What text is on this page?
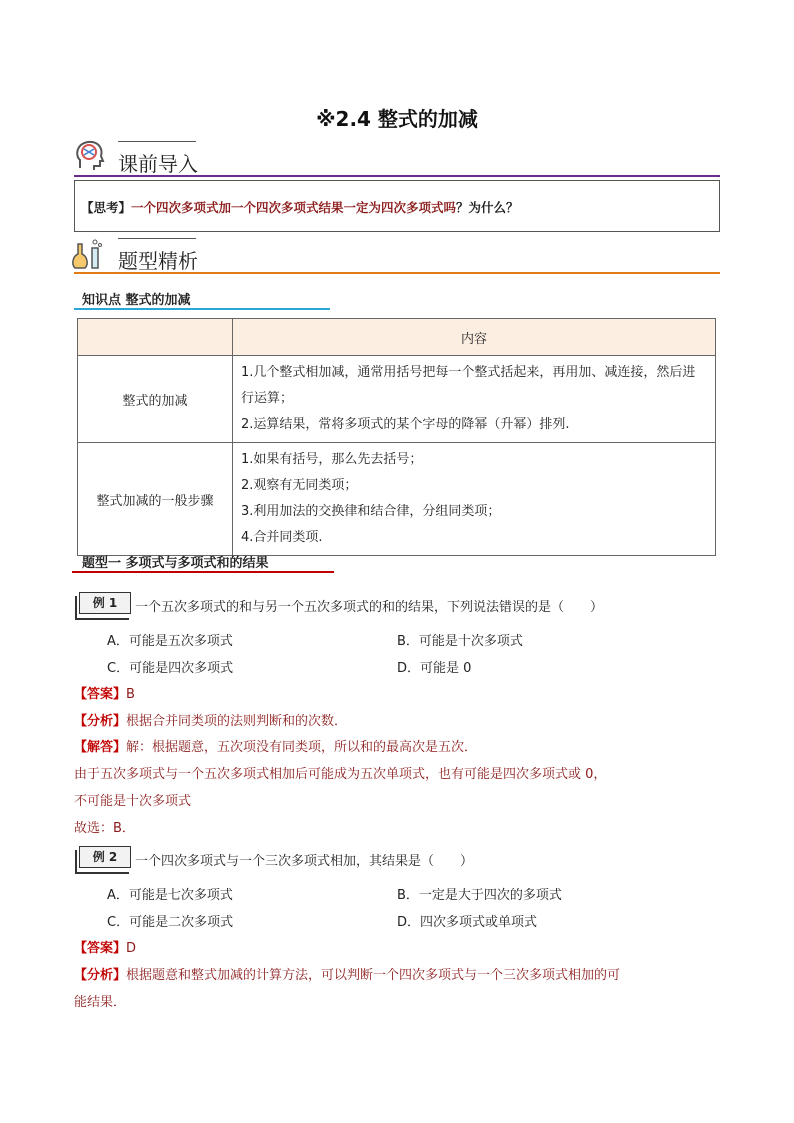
※2.4 整式的加减
课前导入
【思考】一个四次多项式加一个四次多项式结果一定为四次多项式吗？为什么？
题型精析
知识点 整式的加减
	内容
整式的加减	1.几个整式相加减，通常用括号把每一个整式括起来，再用加、减连接，然后进行运算；
2.运算结果，常将多项式的某个字母的降幂（升幂）排列.

整式加减的一般步骤	1.如果有括号，那么先去括号；
2.观察有无同类项；
3.利用加法的交换律和结合律，分组同类项；
4.合并同类项.
题型一 多项式与多项式和的结果
例 1	一个五次多项式的和与另一个五次多项式的和的结果，下列说法错误的是（　　）
A．可能是五次多项式	B．可能是十次多项式
C．可能是四次多项式	D．可能是 0
【答案】B
【分析】根据合并同类项的法则判断和的次数．
【解答】解：根据题意，五次项没有同类项，所以和的最高次是五次．
由于五次多项式与一个五次多项式相加后可能成为五次单项式，也有可能是四次多项式或 0，
不可能是十次多项式
故选：B．
例 2	一个四次多项式与一个三次多项式相加，其结果是（　　）
A．可能是七次多项式	B．一定是大于四次的多项式
C．可能是二次多项式	D．四次多项式或单项式
【答案】D
【分析】根据题意和整式加减的计算方法，可以判断一个四次多项式与一个三次多项式相加的可
能结果．
